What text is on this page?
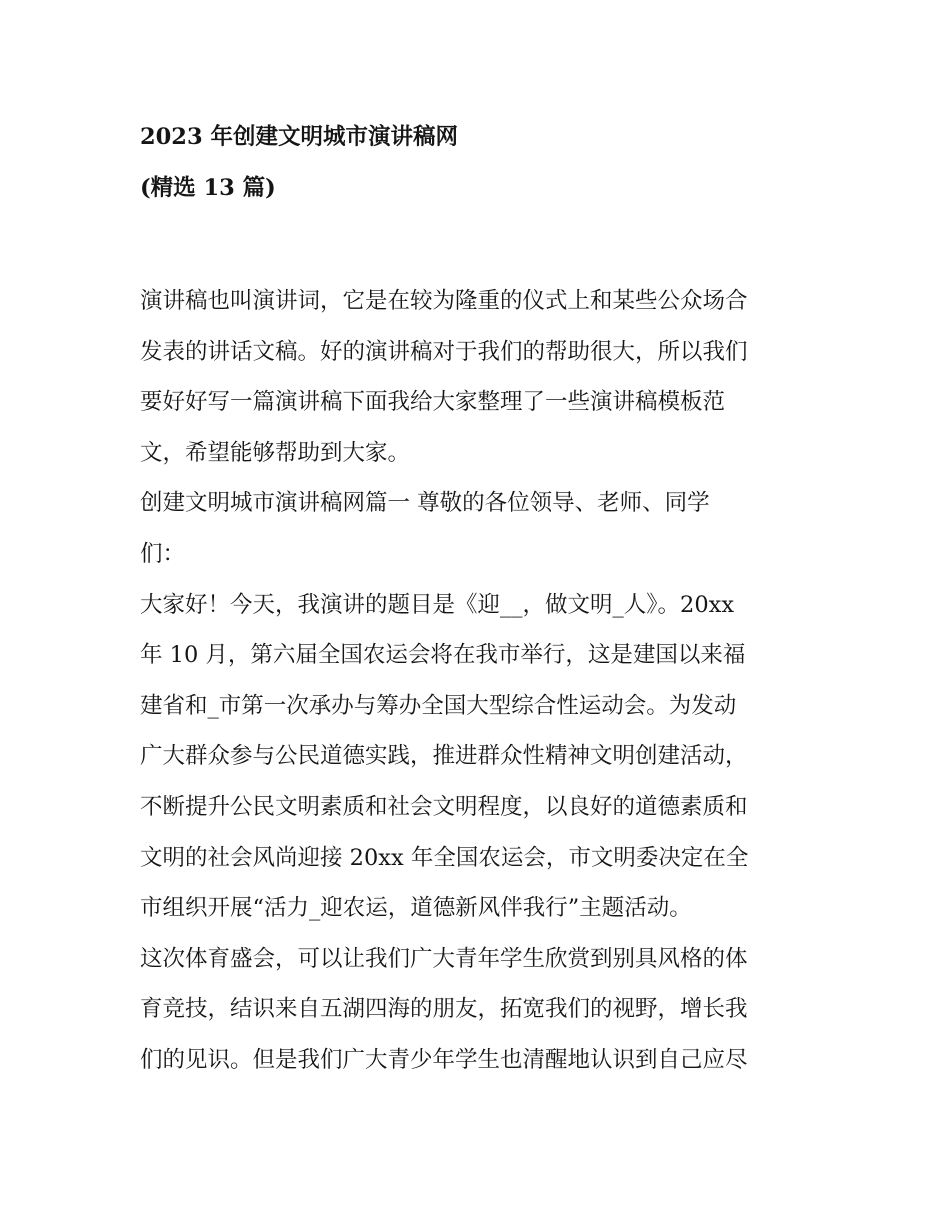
2023 年创建文明城市演讲稿网
(精选 13 篇)
演讲稿也叫演讲词，它是在较为隆重的仪式上和某些公众场合
发表的讲话文稿。好的演讲稿对于我们的帮助很大，所以我们
要好好写一篇演讲稿下面我给大家整理了一些演讲稿模板范
文，希望能够帮助到大家。
创建文明城市演讲稿网篇一 尊敬的各位领导、老师、同学
们：
大家好！今天，我演讲的题目是《迎__，做文明_人》。20xx
年 10 月，第六届全国农运会将在我市举行，这是建国以来福
建省和_市第一次承办与筹办全国大型综合性运动会。为发动
广大群众参与公民道德实践，推进群众性精神文明创建活动，
不断提升公民文明素质和社会文明程度，以良好的道德素质和
文明的社会风尚迎接 20xx 年全国农运会，市文明委决定在全
市组织开展“活力_迎农运，道德新风伴我行”主题活动。
这次体育盛会，可以让我们广大青年学生欣赏到别具风格的体
育竞技，结识来自五湖四海的朋友，拓宽我们的视野，增长我
们的见识。但是我们广大青少年学生也清醒地认识到自己应尽
